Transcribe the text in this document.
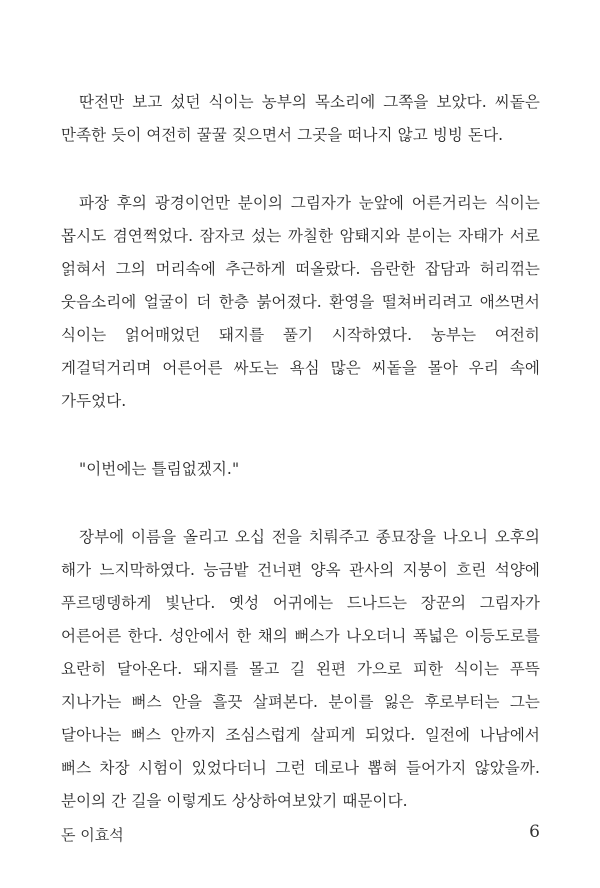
딴전만 보고 섰던 식이는 농부의 목소리에 그쪽을 보았다. 씨돝은 만족한 듯이 여전히 꿀꿀 짖으면서 그곳을 떠나지 않고 빙빙 돈다.

파장 후의 광경이언만 분이의 그림자가 눈앞에 어른거리는 식이는 몹시도 겸연쩍었다. 잠자코 섰는 까칠한 암퇘지와 분이는 자태가 서로 얽혀서 그의 머리속에 추근하게 떠올랐다. 음란한 잡담과 허리꺾는 웃음소리에 얼굴이 더 한층 붉어졌다. 환영을 떨쳐버리려고 애쓰면서 식이는 얽어매었던 돼지를 풀기 시작하였다. 농부는 여전히 게걸덕거리며 어른어른 싸도는 욕심 많은 씨돝을 몰아 우리 속에 가두었다.

"이번에는 틀림없겠지."

장부에 이름을 올리고 오십 전을 치뤄주고 종묘장을 나오니 오후의 해가 느지막하였다. 능금밭 건너편 양옥 관사의 지붕이 흐린 석양에 푸르뎅뎅하게 빛난다. 옛성 어귀에는 드나드는 장꾼의 그림자가 어른어른 한다. 성안에서 한 채의 뻐스가 나오더니 폭넓은 이등도로를 요란히 달아온다. 돼지를 몰고 길 왼편 가으로 피한 식이는 푸뜩 지나가는 뻐스 안을 흘끗 살펴본다. 분이를 잃은 후로부터는 그는 달아나는 뻐스 안까지 조심스럽게 살피게 되었다. 일전에 나남에서 뻐스 차장 시험이 있었다더니 그런 데로나 뽑혀 들어가지 않았을까. 분이의 간 길을 이렇게도 상상하여보았기 때문이다.

돈 이효석	6
